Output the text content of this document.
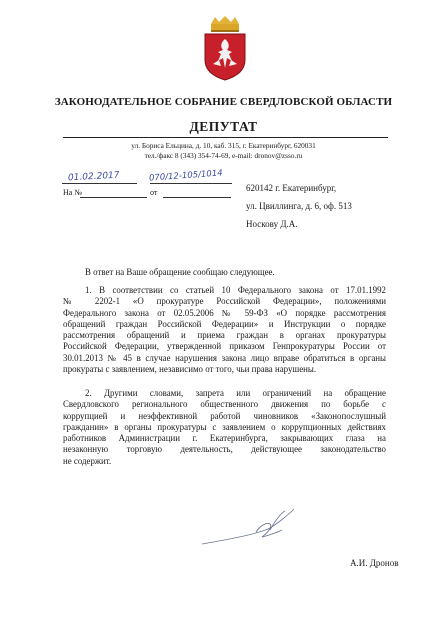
ЗАКОНОДАТЕЛЬНОЕ СОБРАНИЕ СВЕРДЛОВСКОЙ ОБЛАСТИ
ДЕПУТАТ
ул. Бориса Ельцина, д. 10, каб. 315, г. Екатеринбург, 620031
тел./факс 8 (343) 354-74-69, e-mail: dronov@zsso.ru
01.02.2017	070/12-105/1014
На №	от	620142 г. Екатеринбург,
ул. Цвиллинга, д. 6, оф. 513
Носкову Д.А.
В ответ на Ваше обращение сообщаю следующее.
1. В соответствии со статьей 10 Федерального закона от 17.01.1992
№ 2202-1 «О прокуратуре Российской Федерации», положениями
Федерального закона от 02.05.2006 № 59-ФЗ «О порядке рассмотрения
обращений граждан Российской Федерации» и Инструкции о порядке
рассмотрения обращений и приема граждан в органах прокуратуры
Российской Федерации, утвержденной приказом Генпрокуратуры России от
30.01.2013 № 45 в случае нарушения закона лицо вправе обратиться в органы
прокураты с заявлением, независимо от того, чьи права нарушены.
2. Другими словами, запрета или ограничений на обращение
Свердловского регионального общественного движения по борьбе с
коррупцией и неэффективной работой чиновников «Законопослушный
гражданин» в органы прокуратуры с заявлением о коррупционных действиях
работников Администрации г. Екатеринбурга, закрывающих глаза на
незаконную торговую деятельность, действующее законодательство
не содержит.
А.И. Дронов
